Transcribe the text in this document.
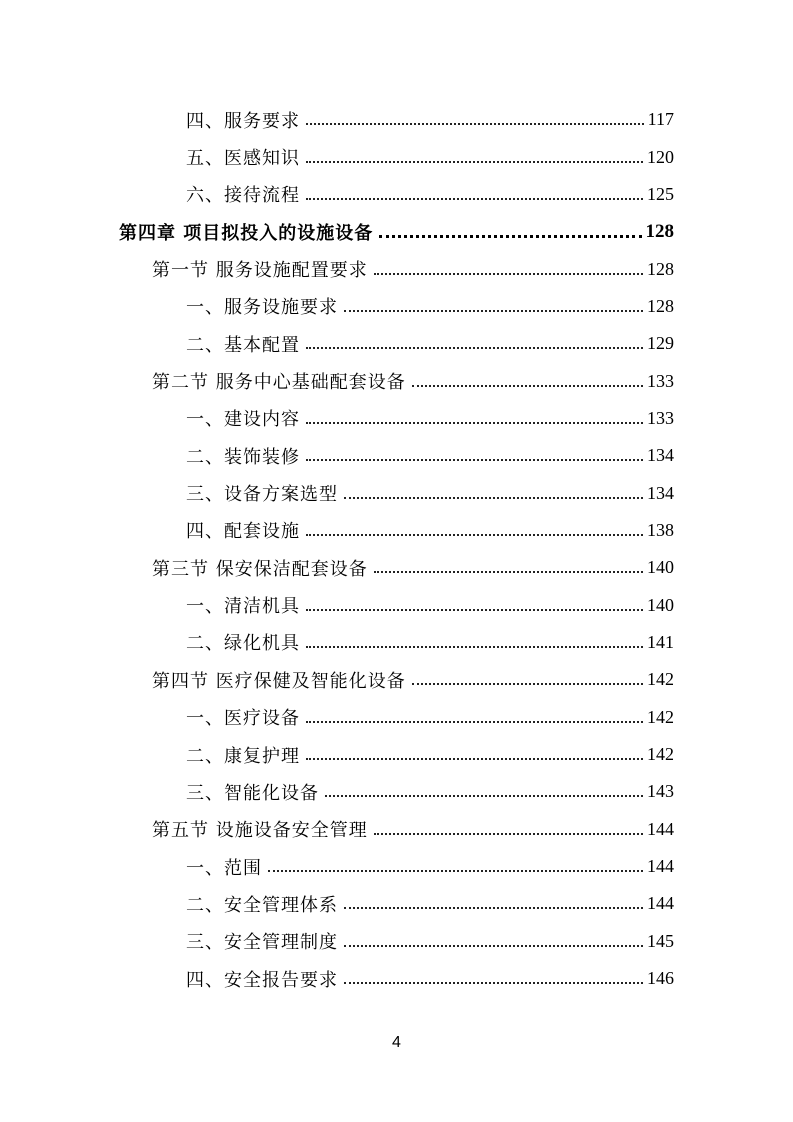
四、服务要求	117
五、医感知识	120
六、接待流程	125
第四章 项目拟投入的设施设备	128
第一节 服务设施配置要求	128
一、服务设施要求	128
二、基本配置	129
第二节 服务中心基础配套设备	133
一、建设内容	133
二、装饰装修	134
三、设备方案选型	134
四、配套设施	138
第三节 保安保洁配套设备	140
一、清洁机具	140
二、绿化机具	141
第四节 医疗保健及智能化设备	142
一、医疗设备	142
二、康复护理	142
三、智能化设备	143
第五节 设施设备安全管理	144
一、范围	144
二、安全管理体系	144
三、安全管理制度	145
四、安全报告要求	146
4
